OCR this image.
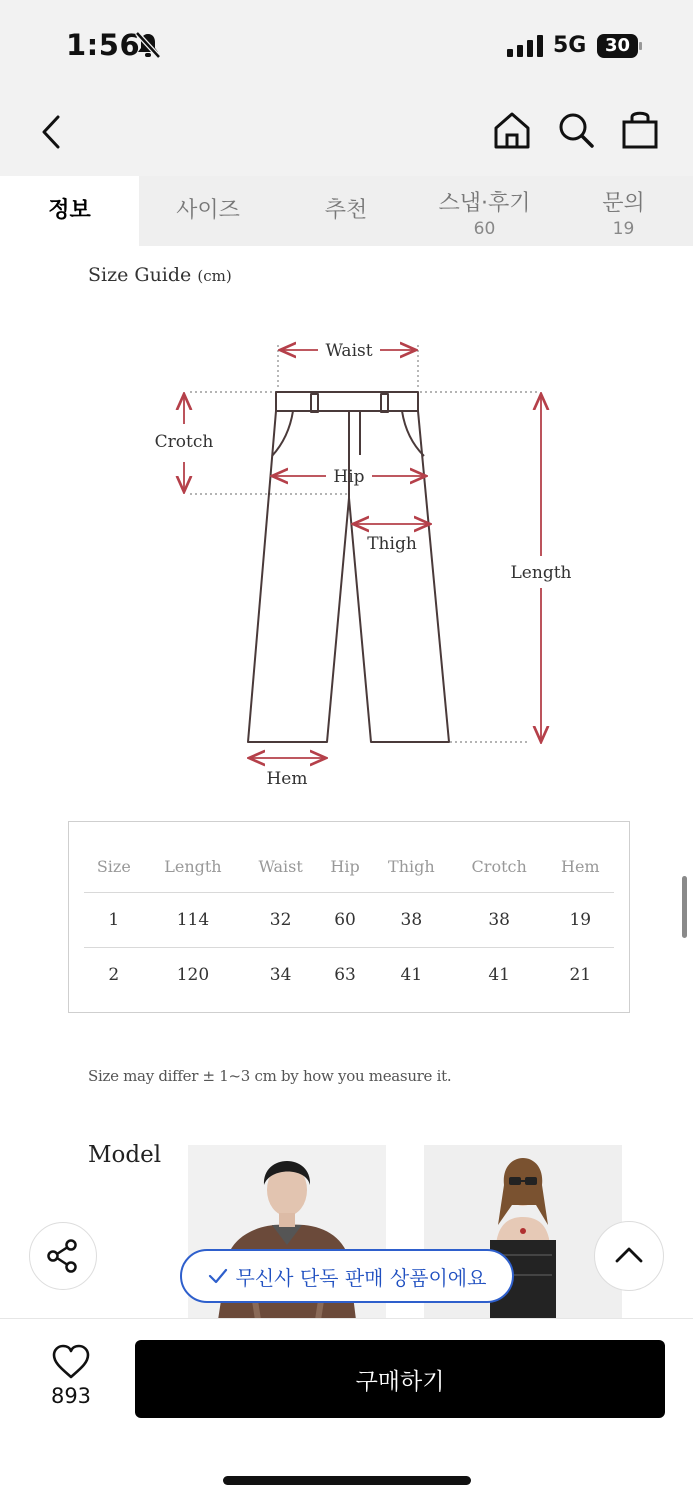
1:56	5G	30
정보	사이즈	추천	스냅·후기
60
문의
19
Size Guide (cm)
Waist
Crotch
Hip
Thigh
Length
Hem
Size	Length	Waist	Hip	Thigh	Crotch	Hem
1	114	32	60	38	38	19
2	120	34	63	41	41	21
Size may differ ± 1~3 cm by how you measure it.
Model
무신사 단독 판매 상품이에요
893
구매하기
